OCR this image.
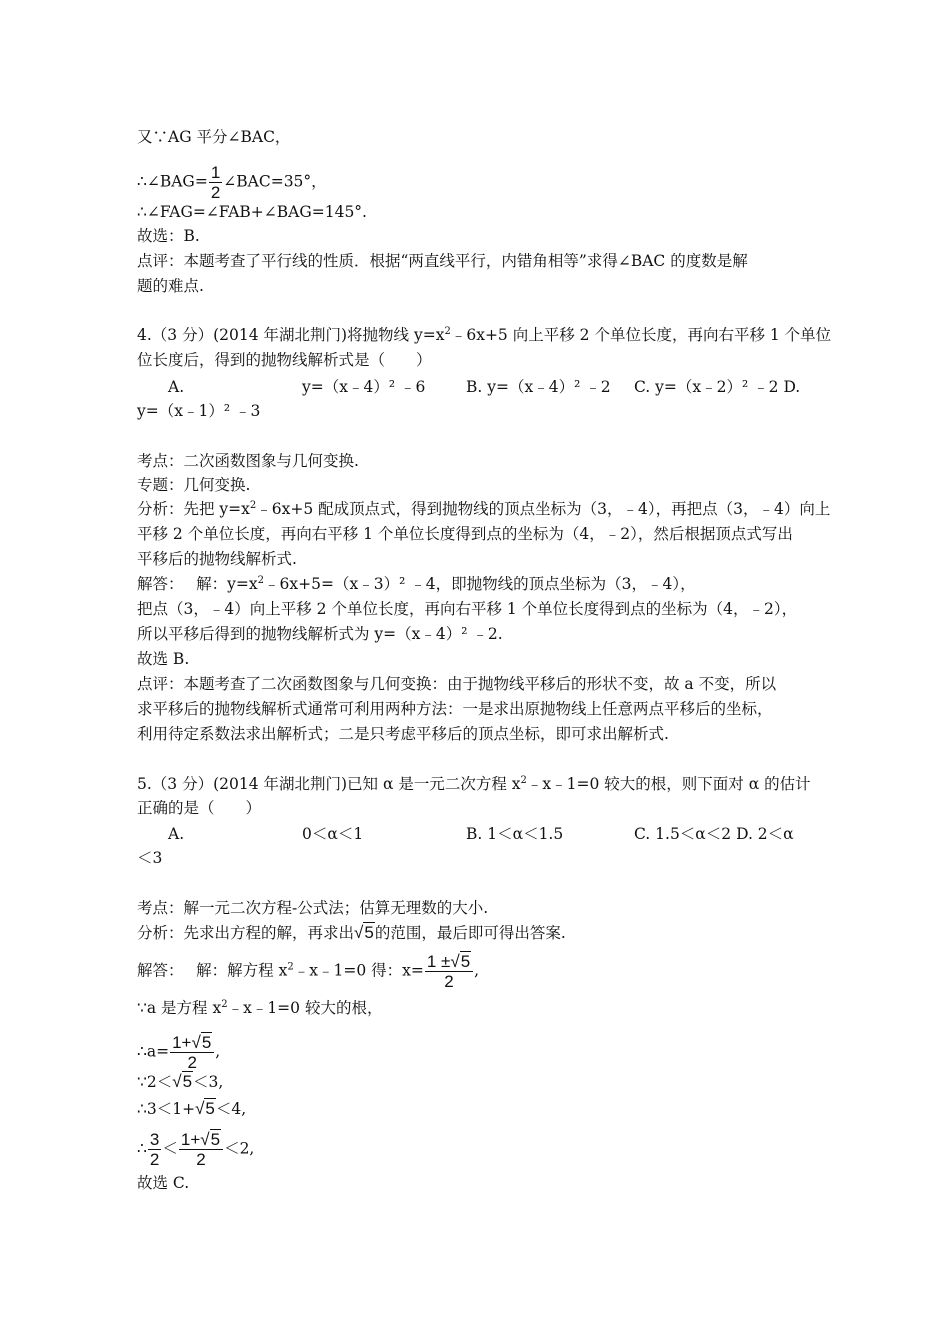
又∵AG 平分∠BAC，
∴∠BAG= $\frac{1}{2}$ ∠BAC=35°，
∴∠FAG=∠FAB+∠BAG=145°.
故选：B.
点评：本题考查了平行线的性质．根据“两直线平行，内错角相等”求得∠BAC 的度数是解
题的难点.
4.（3 分）(2014 年湖北荆门)将抛物线 $y=x^2﹣6x+5$ 向上平移 2 个单位长度，再向右平移 1 个单位
位长度后，得到的抛物线解析式是（　　）
A.	y=（x﹣4）² ﹣6	B. y=（x﹣4）² ﹣2 C. y=（x﹣2）² ﹣2 D.
y=（x﹣1）² ﹣3
考点：二次函数图象与几何变换.
专题：几何变换.
分析：先把 $y=x^2﹣6x+5$ 配成顶点式，得到抛物线的顶点坐标为（3，﹣4），再把点（3，﹣4）向上
平移 2 个单位长度，再向右平移 1 个单位长度得到点的坐标为（4，﹣2），然后根据顶点式写出
平移后的抛物线解析式.
解答：　 解：$y=x^2﹣6x+5=(x﹣3)^2$ ﹣4，即抛物线的顶点坐标为（3，﹣4），
把点（3，﹣4）向上平移 2 个单位长度，再向右平移 1 个单位长度得到点的坐标为（4，﹣2），
所以平移后得到的抛物线解析式为 y=（x﹣4）² ﹣2.
故选 B.
点评：本题考查了二次函数图象与几何变换：由于抛物线平移后的形状不变，故 a 不变，所以
求平移后的抛物线解析式通常可利用两种方法：一是求出原抛物线上任意两点平移后的坐标，
利用待定系数法求出解析式；二是只考虑平移后的顶点坐标，即可求出解析式.
5.（3 分）(2014 年湖北荆门)已知 α 是一元二次方程 $x^2﹣x﹣1=0$ 较大的根，则下面对 α 的估计
正确的是（　　）
A.	0＜α＜1	B. 1＜α＜1.5	C. 1.5＜α＜2 D. 2＜α
＜3
考点：解一元二次方程-公式法；估算无理数的大小.
分析：先求出方程的解，再求出√5的范围，最后即可得出答案.
解答：　 解：解方程 $x^2﹣x﹣1=0$ 得：$x= \frac{1 \pm√5}{2}$ ,
∵a 是方程 $x^2﹣x﹣1=0$ 较大的根，
∴a= $\frac{1+√5}{2}$ ,
∵2＜√5＜3,
∴3＜1+√5＜4,
∴ $\frac{3}{2} < \frac{1+√5}{2} <2$,
故选 C.
